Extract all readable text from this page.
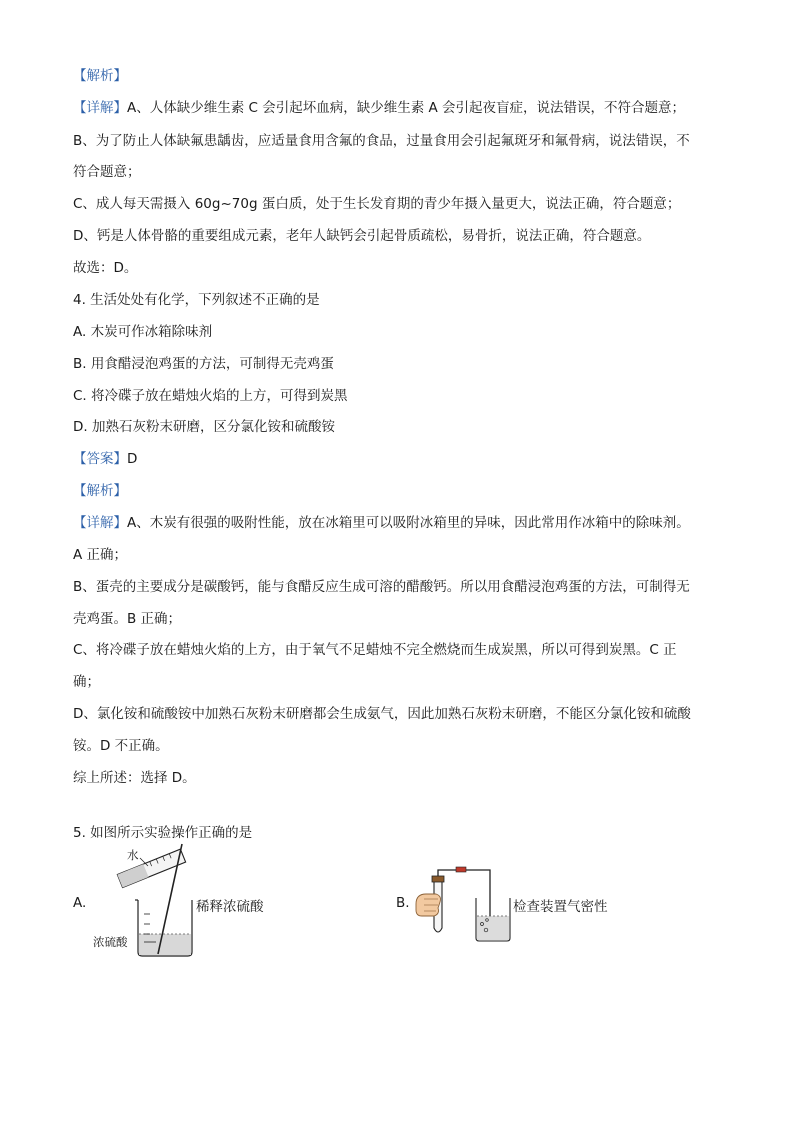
【解析】
【详解】A、人体缺少维生素 C 会引起坏血病，缺少维生素 A 会引起夜盲症，说法错误，不符合题意；
B、为了防止人体缺氟患龋齿，应适量食用含氟的食品，过量食用会引起氟斑牙和氟骨病，说法错误，不
符合题意；
C、成人每天需摄入 60g~70g 蛋白质，处于生长发育期的青少年摄入量更大，说法正确，符合题意；
D、钙是人体骨骼的重要组成元素，老年人缺钙会引起骨质疏松，易骨折，说法正确，符合题意。
故选：D。
4. 生活处处有化学，下列叙述不正确的是
A. 木炭可作冰箱除味剂
B. 用食醋浸泡鸡蛋的方法，可制得无壳鸡蛋
C. 将冷碟子放在蜡烛火焰的上方，可得到炭黑
D. 加熟石灰粉末研磨，区分氯化铵和硫酸铵
【答案】D
【解析】
【详解】A、木炭有很强的吸附性能，放在冰箱里可以吸附冰箱里的异味，因此常用作冰箱中的除味剂。
A 正确；
B、蛋壳的主要成分是碳酸钙，能与食醋反应生成可溶的醋酸钙。所以用食醋浸泡鸡蛋的方法，可制得无
壳鸡蛋。B 正确；
C、将冷碟子放在蜡烛火焰的上方，由于氧气不足蜡烛不完全燃烧而生成炭黑，所以可得到炭黑。C 正
确；
D、氯化铵和硫酸铵中加熟石灰粉末研磨都会生成氨气，因此加熟石灰粉末研磨，不能区分氯化铵和硫酸
铵。D 不正确。
综上所述：选择 D。
5. 如图所示实验操作正确的是
A.
水
浓硫酸
稀释浓硫酸	B.	检查装置气密性
